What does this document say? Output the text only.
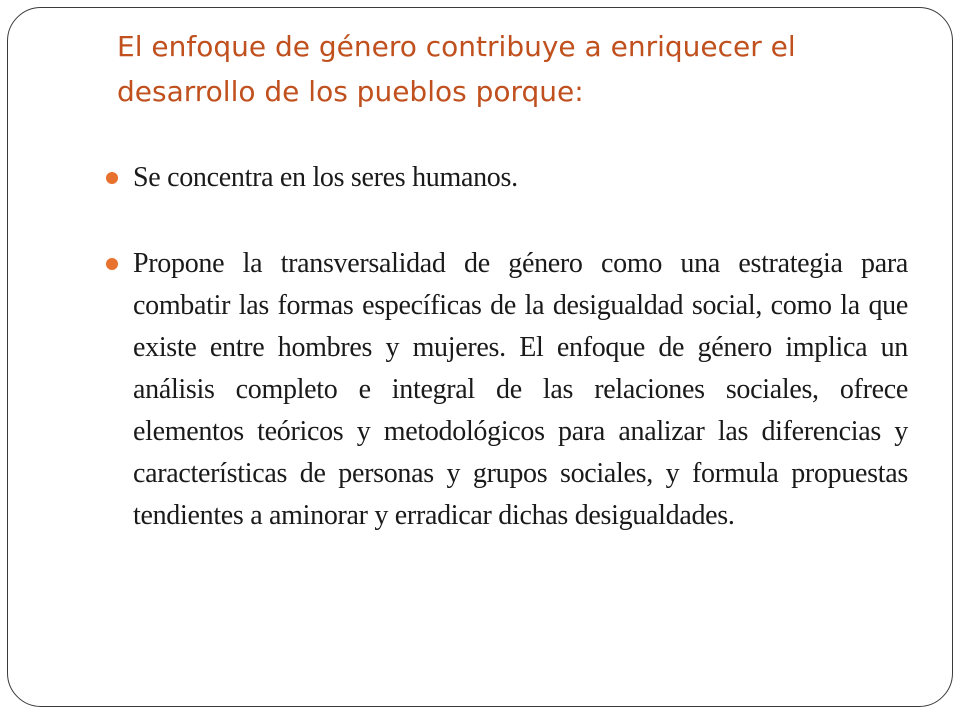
El enfoque de género contribuye a enriquecer el desarrollo de los pueblos porque:
Se concentra en los seres humanos.
Propone la transversalidad de género como una estrategia para combatir las formas específicas de la desigualdad social, como la que existe entre hombres y mujeres. El enfoque de género implica un análisis completo e integral de las relaciones sociales, ofrece elementos teóricos y metodológicos para analizar las diferencias y características de personas y grupos sociales, y formula propuestas tendientes a aminorar y erradicar dichas desigualdades.
